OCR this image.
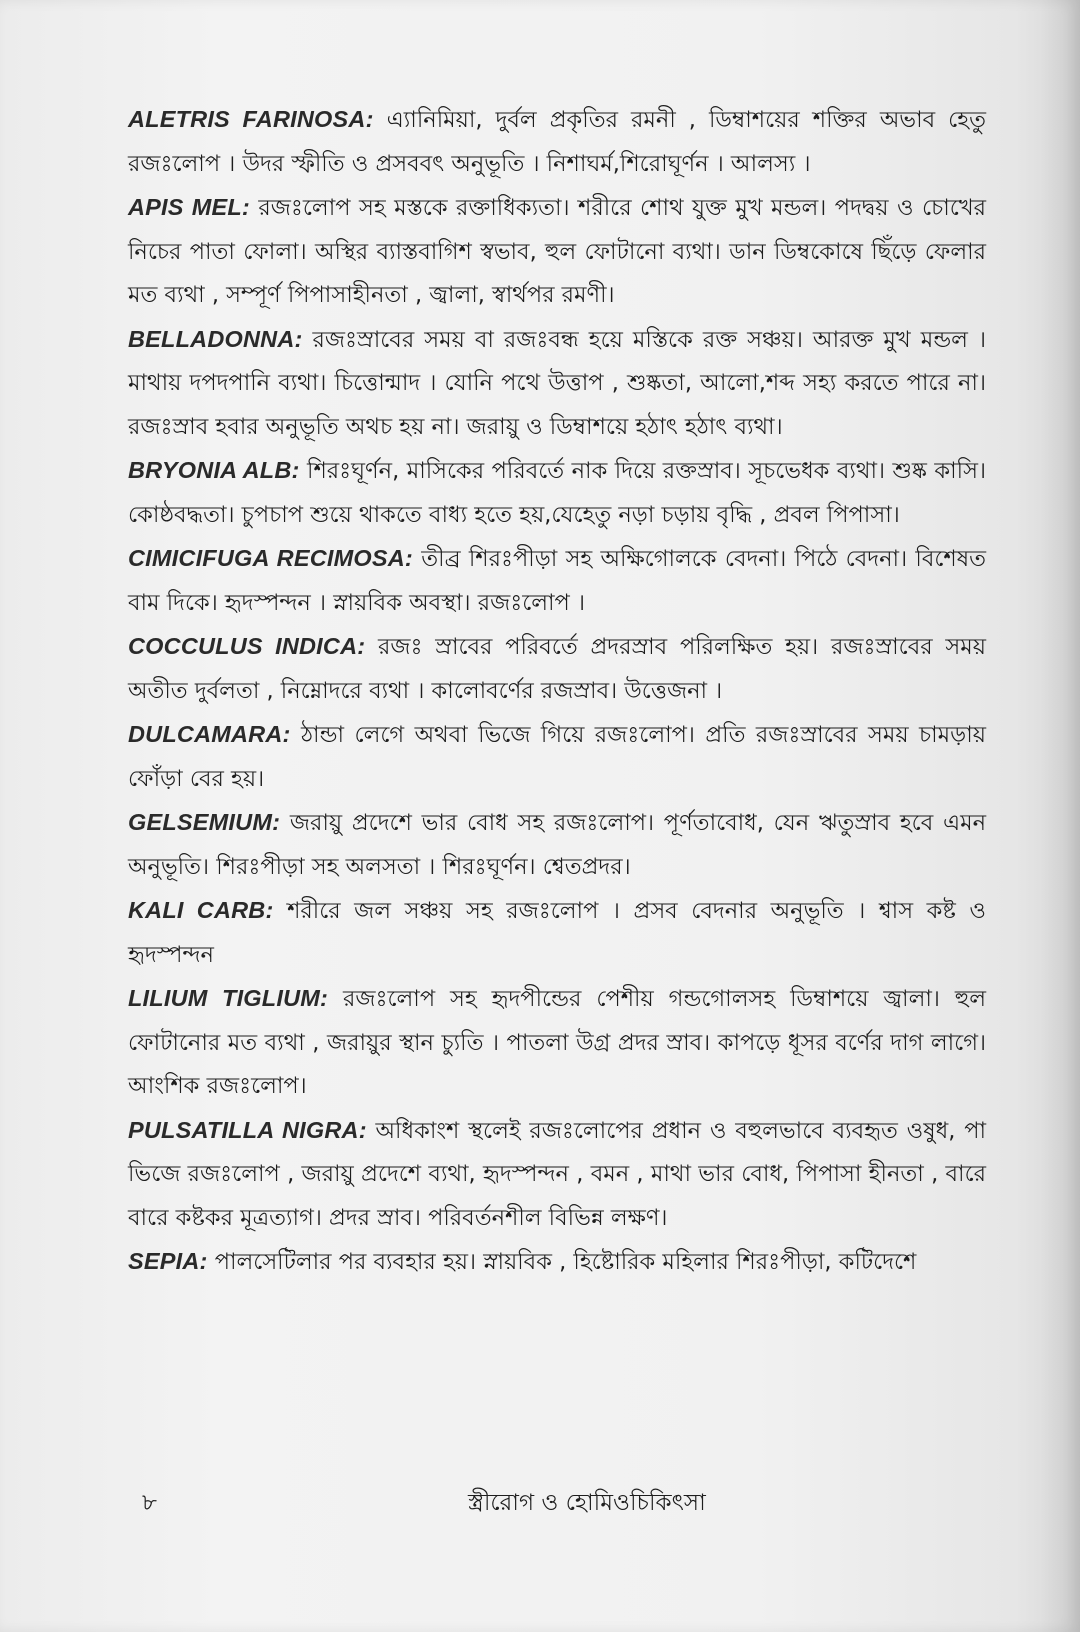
ALETRIS FARINOSA: এ্যানিমিয়া, দুর্বল প্রকৃতির রমনী , ডিম্বাশয়ের শক্তির অভাব হেতু রজঃলোপ । উদর স্ফীতি ও প্রসববৎ অনুভূতি । নিশাঘর্ম,শিরোঘূর্ণন । আলস্য ।

APIS MEL: রজঃলোপ সহ মস্তকে রক্তাধিক্যতা। শরীরে শোথ যুক্ত মুখ মন্ডল। পদদ্বয় ও চোখের নিচের পাতা ফোলা। অস্থির ব্যাস্তবাগিশ স্বভাব, হুল ফোটানো ব্যথা। ডান ডিম্বকোষে ছিঁড়ে ফেলার মত ব্যথা , সম্পূর্ণ পিপাসাহীনতা , জ্বালা, স্বার্থপর রমণী।

BELLADONNA: রজঃস্রাবের সময় বা রজঃবন্ধ হয়ে মস্তিকে রক্ত সঞ্চয়। আরক্ত মুখ মন্ডল । মাথায় দপদপানি ব্যথা। চিত্তোন্মাদ । যোনি পথে উত্তাপ , শুষ্কতা, আলো,শব্দ সহ্য করতে পারে না। রজঃস্রাব হবার অনুভূতি অথচ হয় না। জরায়ু ও ডিম্বাশয়ে হঠাৎ হঠাৎ ব্যথা।

BRYONIA ALB: শিরঃঘূর্ণন, মাসিকের পরিবর্তে নাক দিয়ে রক্তস্রাব। সূচভেধক ব্যথা। শুষ্ক কাসি। কোষ্ঠবদ্ধতা। চুপচাপ শুয়ে থাকতে বাধ্য হতে হয়,যেহেতু নড়া চড়ায় বৃদ্ধি , প্রবল পিপাসা।

CIMICIFUGA RECIMOSA: তীব্র শিরঃপীড়া সহ অক্ষিগোলকে বেদনা। পিঠে বেদনা। বিশেষত বাম দিকে। হৃদস্পন্দন । স্নায়বিক অবস্থা। রজঃলোপ ।

COCCULUS INDICA: রজঃ স্রাবের পরিবর্তে প্রদরস্রাব পরিলক্ষিত হয়। রজঃস্রাবের সময় অতীত দুর্বলতা , নিম্নোদরে ব্যথা । কালোবর্ণের রজস্রাব। উত্তেজনা ।

DULCAMARA: ঠান্ডা লেগে অথবা ভিজে গিয়ে রজঃলোপ। প্রতি রজঃস্রাবের সময় চামড়ায় ফোঁড়া বের হয়।

GELSEMIUM: জরায়ু প্রদেশে ভার বোধ সহ রজঃলোপ। পূর্ণতাবোধ, যেন ঋতুস্রাব হবে এমন অনুভূতি। শিরঃপীড়া সহ অলসতা । শিরঃঘূর্ণন। শ্বেতপ্রদর।

KALI CARB: শরীরে জল সঞ্চয় সহ রজঃলোপ । প্রসব বেদনার অনুভূতি । শ্বাস কষ্ট ও হৃদস্পন্দন

LILIUM TIGLIUM: রজঃলোপ সহ হৃদপীন্ডের পেশীয় গন্ডগোলসহ ডিম্বাশয়ে জ্বালা। হুল ফোটানোর মত ব্যথা , জরায়ুর স্থান চ্যুতি । পাতলা উগ্র প্রদর স্রাব। কাপড়ে ধূসর বর্ণের দাগ লাগে। আংশিক রজঃলোপ।

PULSATILLA NIGRA: অধিকাংশ স্থলেই রজঃলোপের প্রধান ও বহুলভাবে ব্যবহৃত ওষুধ, পা ভিজে রজঃলোপ , জরায়ু প্রদেশে ব্যথা, হৃদস্পন্দন , বমন , মাথা ভার বোধ, পিপাসা হীনতা , বারে বারে কষ্টকর মূত্রত্যাগ। প্রদর স্রাব। পরিবর্তনশীল বিভিন্ন লক্ষণ।

SEPIA: পালসেটিলার পর ব্যবহার হয়। স্নায়বিক , হিষ্টোরিক মহিলার শিরঃপীড়া, কটিদেশে

৮	স্ত্রীরোগ ও হোমিওচিকিৎসা
